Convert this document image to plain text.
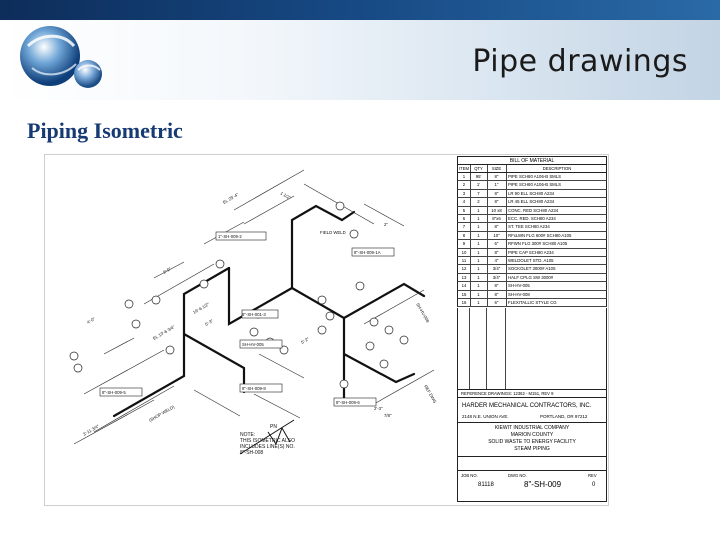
Pipe drawings
Piping Isometric
1"-SH-009-2
8"-SH-009-1A
8"-SH-001-3
8"-SH-009-5
8"-SH-009-6
8"-SH-009-8
SH-HV-005
EL 13'-6 3/4"
EL 25'-4"
16'-6 1/2"
5'-3"
(SHOP WELD)
3'-11 3/4"
7/8"
2'-3"
5'-2"
FIELD WELD
REF DWG
SH-HV-008
1 1/2"
4'-0"
3'-0"
2"
PN
NOTE:
THIS ISOMETRIC ALSO
INCLUDES LINE(S) NO.
8"-SH-008
BILL OF MATERIAL
ITEM	QTY	SIZE	DESCRIPTION
1	95'	8"	PIPE SCH80 A106-B SMLS
2	1'	1"	PIPE SCH80 A106-B SMLS
3	7	8"	LR 90 ELL SCH80 A234
4	2	8"	LR 45 ELL SCH80 A234
5	1	10 x8	CONC. RED SCH80 A234
6	1	8"x6	ECC. RED. SCH80 A234
7	1	8"	ST. TEE SCH80 A234
8	1	10"	RFxLWN FLG 600# SCH80 A105
9	1	6"	RFWN FLG 300# SCH80 A105
10	1	8"	PIPE CAP SCH80 A234
11	1	4"	WELDOLET STD. A105
12	1	3/4"	SOCKOLET 3000# A105
13	1	3/4"	HALF CPLG SW 3000#
14	1	8"	SH-HV-005
15	1	8"	SH-HV-008
16	1	6"	FLEXITALLIC STYLE CG
REFERENCE DRAWINGS: 12362 - M151, REV 9
HARDER MECHANICAL CONTRACTORS, INC.
2148 N.E. UNION AVE.	PORTLAND, OR 97212
KIEWIT INDUSTRIAL COMPANY
MARION COUNTY
SOLID WASTE TO ENERGY FACILITY
STEAM PIPING
JOB NO.
81118
DWG NO.
8"-SH-009
REV
0
